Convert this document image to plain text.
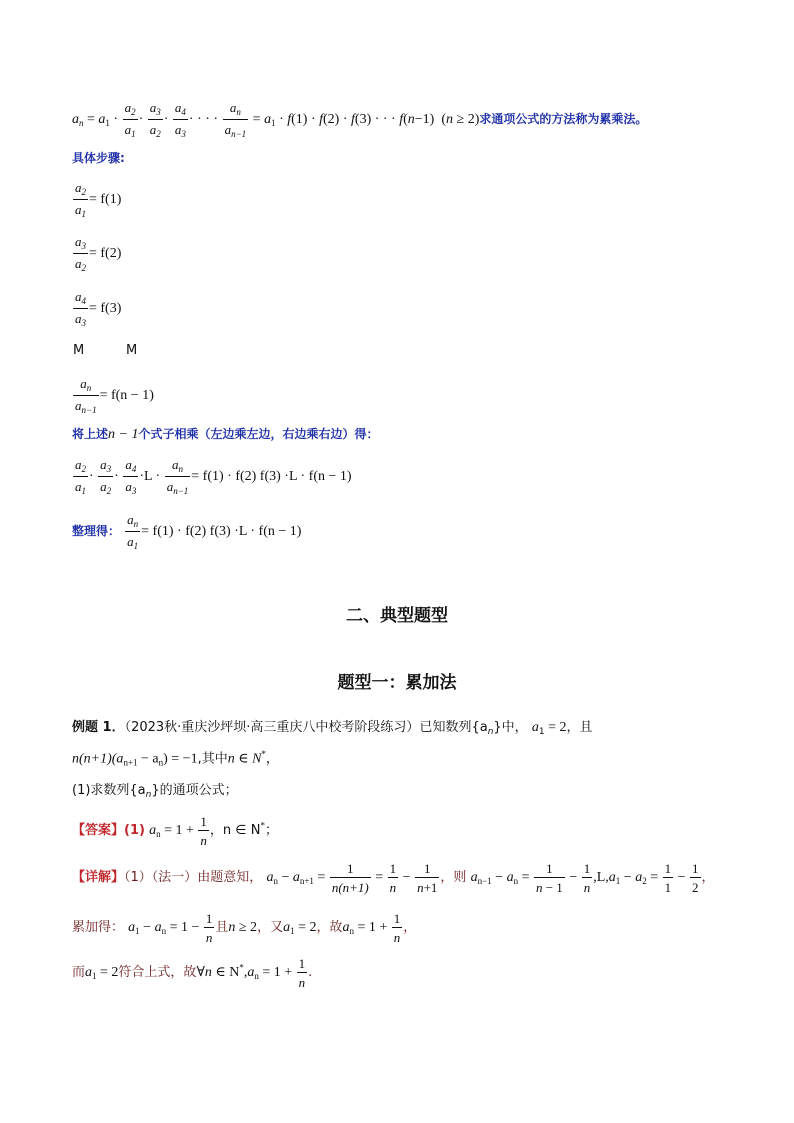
$a_n = a_1 \cdot \frac{a_2}{a_1} \cdot \frac{a_3}{a_2} \cdot \frac{a_4}{a_3}$ · · · · $\frac{a_n}{a_{n-1}} = a_1 \cdot f(1) \cdot f(2) \cdot f(3)$ · · · f(n−1)  (n ≥ 2)求通项公式的方法称为累乘法。
具体步骤:
$\frac{a_2}{a_1} = f(1)$
$\frac{a_3}{a_2} = f(2)$
$\frac{a_4}{a_3} = f(3)$
M	M
$\frac{a_n}{a_{n-1}} = f(n - 1)$
将上述n − 1个式子相乘（左边乘左边，右边乘右边）得：
$\frac{a_2}{a_1} \cdot \frac{a_3}{a_2} \cdot \frac{a_4}{a_3} \cdot L \cdot \frac{a_n}{a_{n-1}} = f(1) \cdot f(2)$ f(3) ·L · f(n − 1)
整理得： $\frac{a_n}{a_1} = f(1) \cdot f(2)$ f(3) ·L · f(n − 1)
二、典型题型
题型一：累加法
例题 1．（2023秋·重庆沙坪坝·高三重庆八中校考阶段练习）已知数列$\{a_n\}$中， $a_1 = 2$，且
$n(n+1)(a_{n+1} - a_n) = -1$,其中n ∈ N*，
(1)求数列$\{a_n\}$的通项公式；
【答案】(1) $a_n = 1 + \frac{1}{n}$ ，n ∈ N*；
【详解】（1）（法一）由题意知， $a_n - a_{n+1} = \frac{1}{n(n+1)} = \frac{1}{n} - \frac{1}{n+1}$ ，则 $a_{n-1} - a_n = \frac{1}{n - 1} - \frac{1}{n} ,L,a_1 - a_2 = \frac{1}{1} - \frac{1}{2}$ ，
累加得： $a_1 - a_n = 1 - \frac{1}{n}$ 且n ≥ 2，又$a_1 = 2$，故$a_n = 1 + \frac{1}{n}$ ，
而$a_1 = 2$符合上式，故∀n ∈ $N^*,a_n = 1 + \frac{1}{n}$ .
